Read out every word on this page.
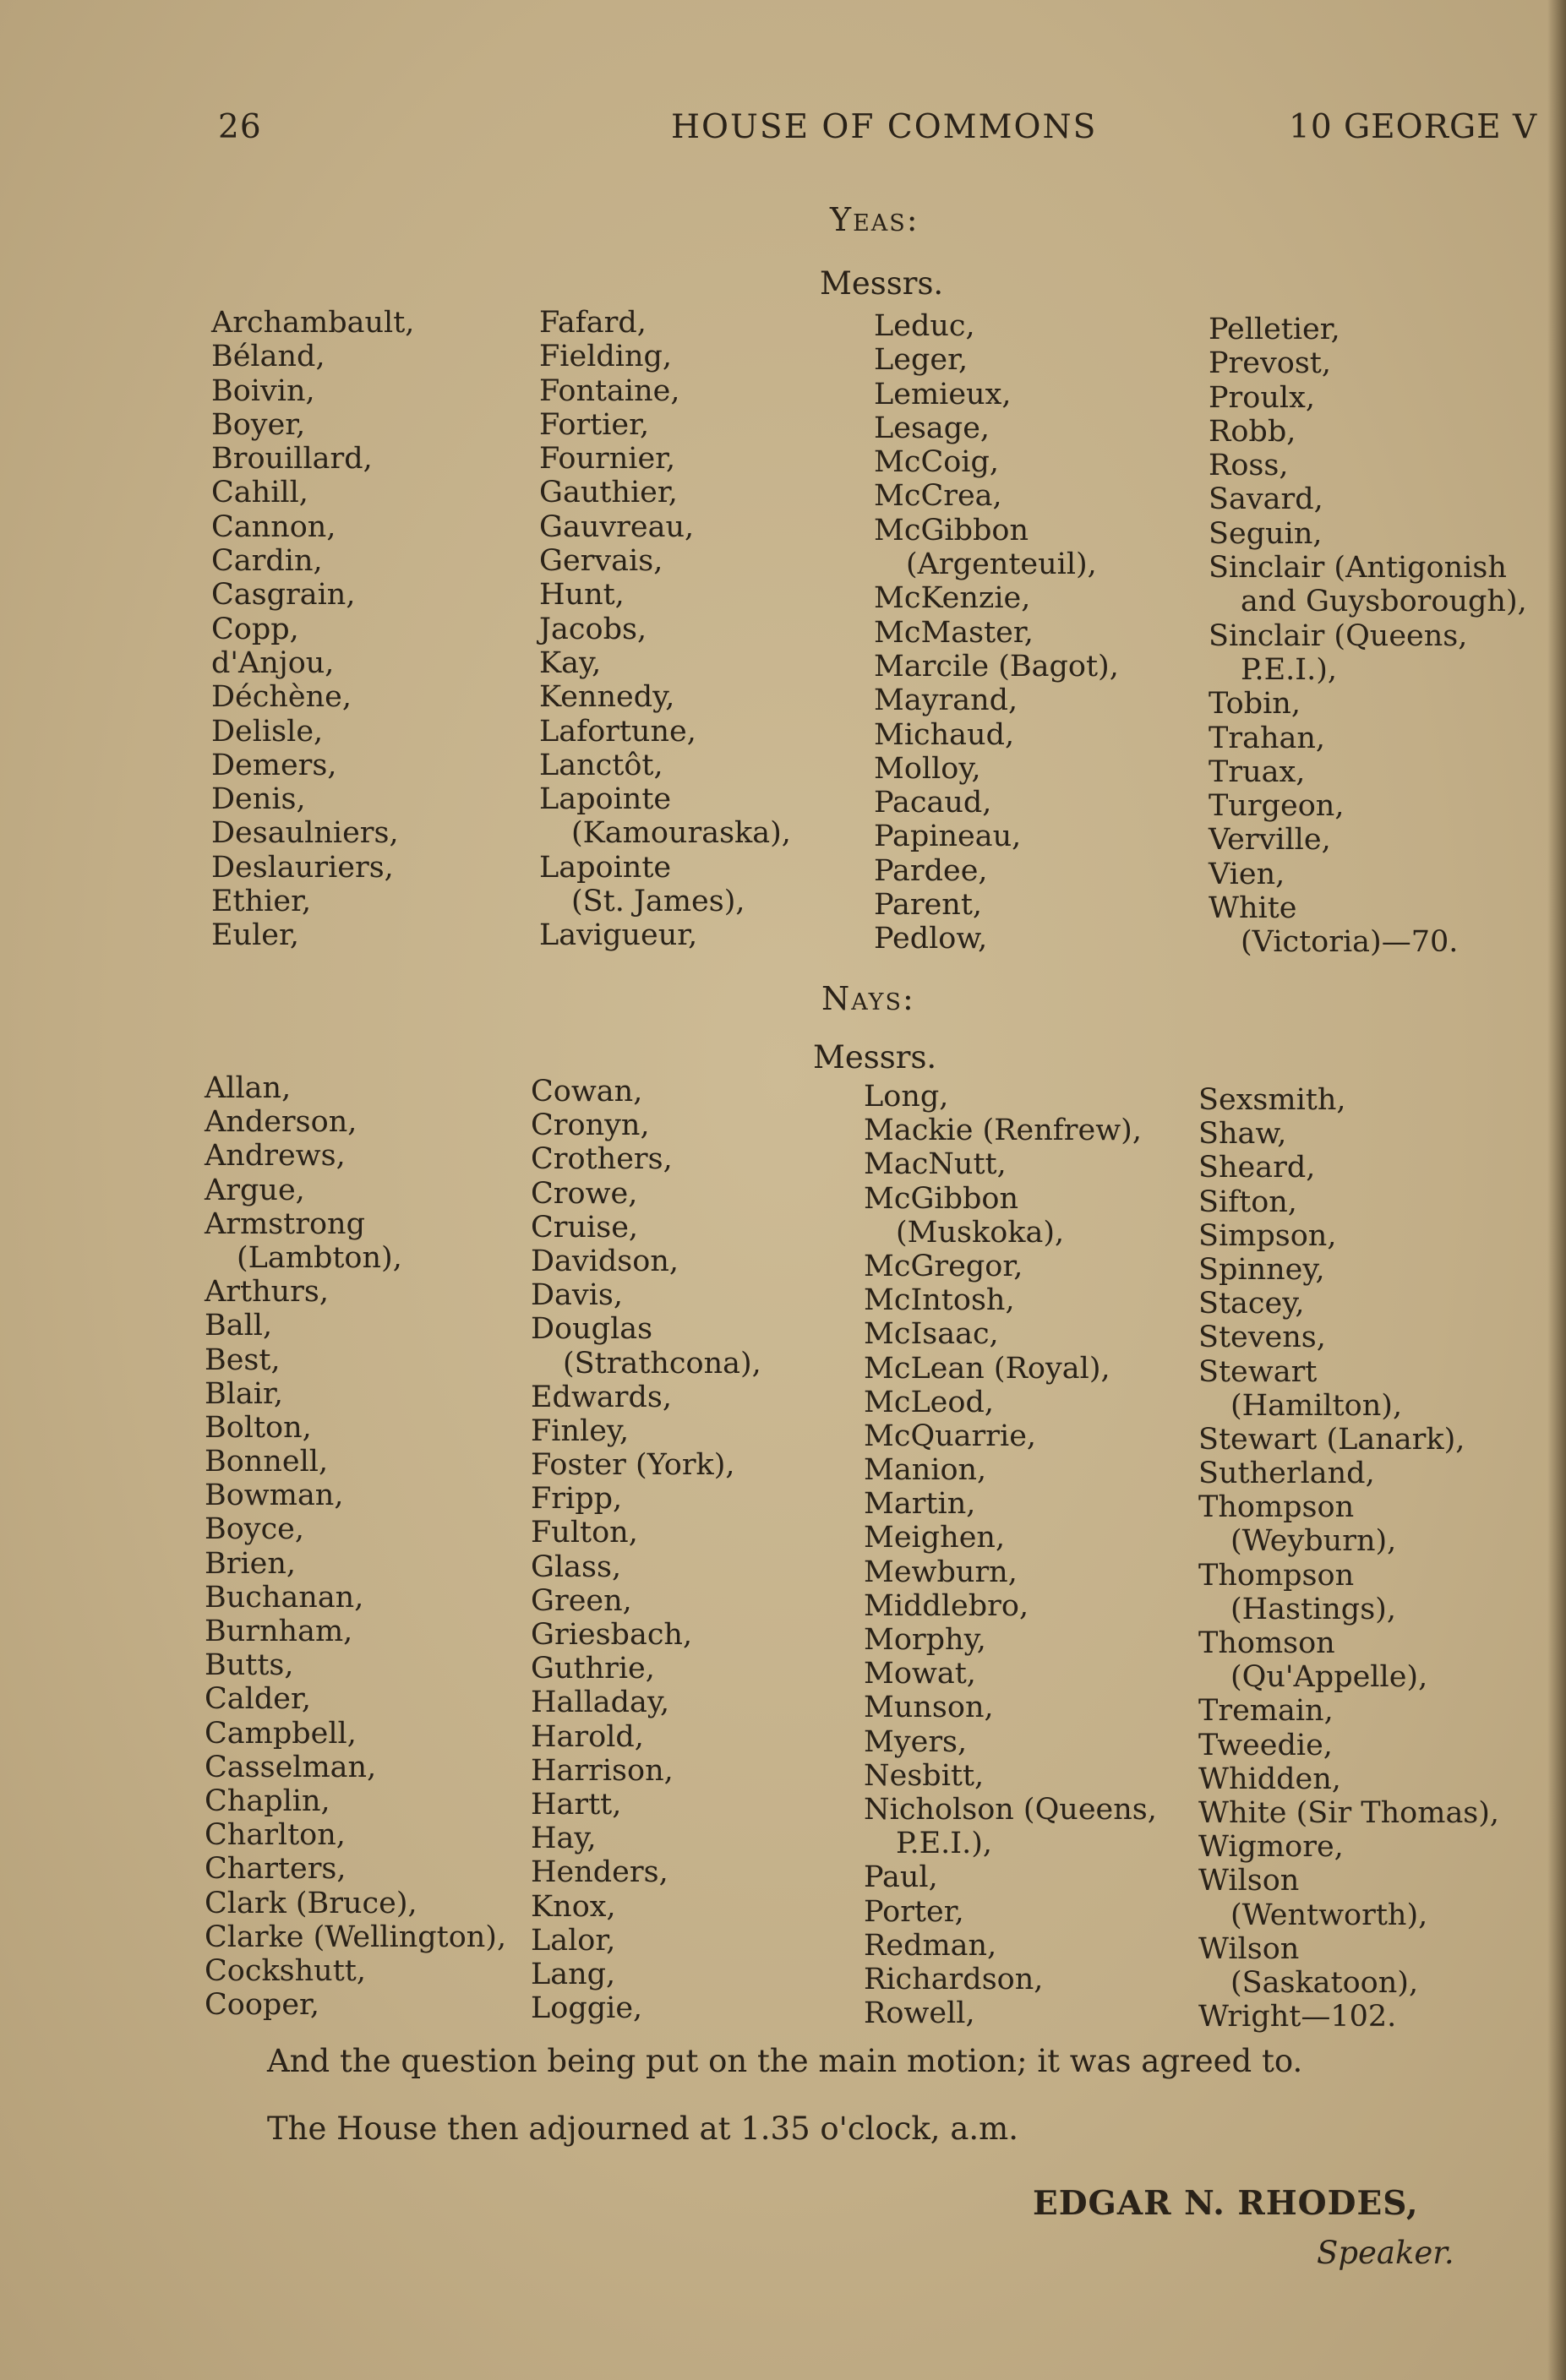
26	HOUSE OF COMMONS	10 GEORGE V
Yeas:
Messrs.
Archambault,
Béland,
Boivin,
Boyer,
Brouillard,
Cahill,
Cannon,
Cardin,
Casgrain,
Copp,
d'Anjou,
Déchène,
Delisle,
Demers,
Denis,
Desaulniers,
Deslauriers,
Ethier,
Euler,
Fafard,
Fielding,
Fontaine,
Fortier,
Fournier,
Gauthier,
Gauvreau,
Gervais,
Hunt,
Jacobs,
Kay,
Kennedy,
Lafortune,
Lanctôt,
Lapointe
(Kamouraska),
Lapointe
(St. James),
Lavigueur,
Leduc,
Leger,
Lemieux,
Lesage,
McCoig,
McCrea,
McGibbon
(Argenteuil),
McKenzie,
McMaster,
Marcile (Bagot),
Mayrand,
Michaud,
Molloy,
Pacaud,
Papineau,
Pardee,
Parent,
Pedlow,
Pelletier,
Prevost,
Proulx,
Robb,
Ross,
Savard,
Seguin,
Sinclair (Antigonish
and Guysborough),
Sinclair (Queens,
P.E.I.),
Tobin,
Trahan,
Truax,
Turgeon,
Verville,
Vien,
White
(Victoria)—70.
Nays:
Messrs.
Allan,
Anderson,
Andrews,
Argue,
Armstrong
(Lambton),
Arthurs,
Ball,
Best,
Blair,
Bolton,
Bonnell,
Bowman,
Boyce,
Brien,
Buchanan,
Burnham,
Butts,
Calder,
Campbell,
Casselman,
Chaplin,
Charlton,
Charters,
Clark (Bruce),
Clarke (Wellington),
Cockshutt,
Cooper,
Cowan,
Cronyn,
Crothers,
Crowe,
Cruise,
Davidson,
Davis,
Douglas
(Strathcona),
Edwards,
Finley,
Foster (York),
Fripp,
Fulton,
Glass,
Green,
Griesbach,
Guthrie,
Halladay,
Harold,
Harrison,
Hartt,
Hay,
Henders,
Knox,
Lalor,
Lang,
Loggie,
Long,
Mackie (Renfrew),
MacNutt,
McGibbon
(Muskoka),
McGregor,
McIntosh,
McIsaac,
McLean (Royal),
McLeod,
McQuarrie,
Manion,
Martin,
Meighen,
Mewburn,
Middlebro,
Morphy,
Mowat,
Munson,
Myers,
Nesbitt,
Nicholson (Queens,
P.E.I.),
Paul,
Porter,
Redman,
Richardson,
Rowell,
Sexsmith,
Shaw,
Sheard,
Sifton,
Simpson,
Spinney,
Stacey,
Stevens,
Stewart
(Hamilton),
Stewart (Lanark),
Sutherland,
Thompson
(Weyburn),
Thompson
(Hastings),
Thomson
(Qu'Appelle),
Tremain,
Tweedie,
Whidden,
White (Sir Thomas),
Wigmore,
Wilson
(Wentworth),
Wilson
(Saskatoon),
Wright—102.
And the question being put on the main motion; it was agreed to.
The House then adjourned at 1.35 o'clock, a.m.
EDGAR N. RHODES,
Speaker.
